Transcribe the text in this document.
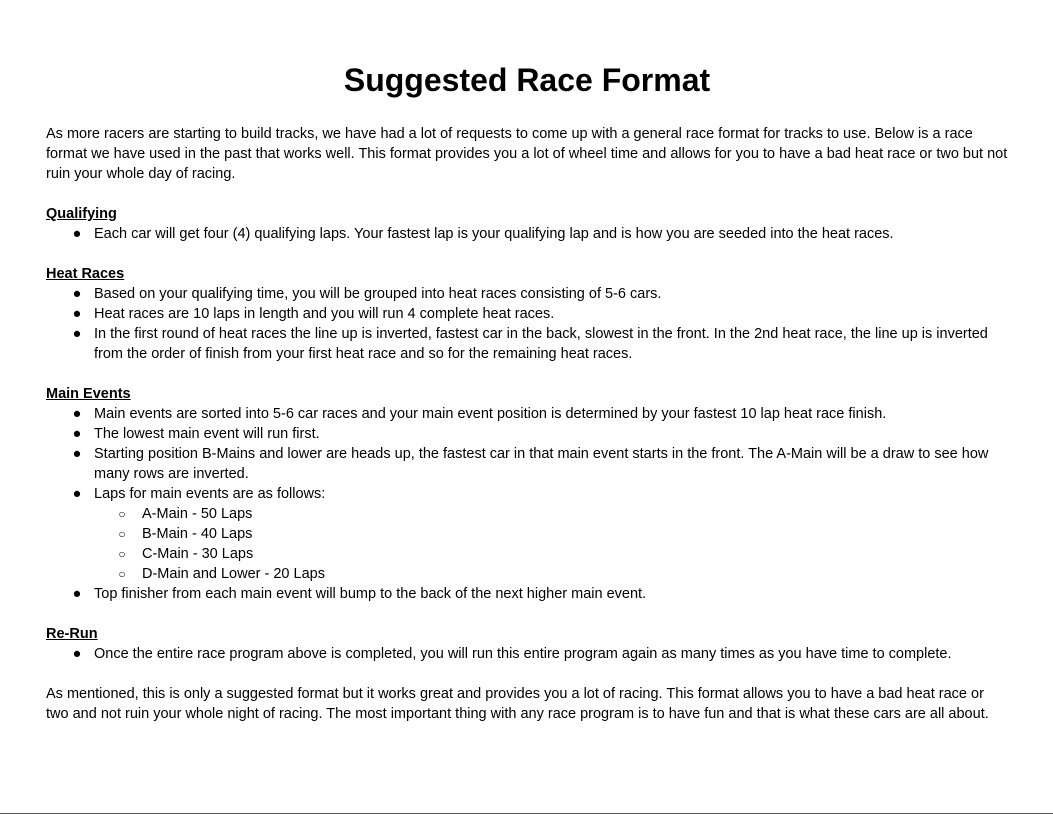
Suggested Race Format

As more racers are starting to build tracks, we have had a lot of requests to come up with a general race format for tracks to use. Below is a race format we have used in the past that works well. This format provides you a lot of wheel time and allows for you to have a bad heat race or two but not ruin your whole day of racing.

Qualifying
● Each car will get four (4) qualifying laps. Your fastest lap is your qualifying lap and is how you are seeded into the heat races.
Heat Races
● Based on your qualifying time, you will be grouped into heat races consisting of 5-6 cars.
● Heat races are 10 laps in length and you will run 4 complete heat races.
● In the first round of heat races the line up is inverted, fastest car in the back, slowest in the front. In the 2nd heat race, the line up is inverted from the order of finish from your first heat race and so for the remaining heat races.
Main Events
● Main events are sorted into 5-6 car races and your main event position is determined by your fastest 10 lap heat race finish.
● The lowest main event will run first.
● Starting position B-Mains and lower are heads up, the fastest car in that main event starts in the front. The A-Main will be a draw to see how many rows are inverted.
● Laps for main events are as follows:
○ A-Main - 50 Laps
○ B-Main - 40 Laps
○ C-Main - 30 Laps
○ D-Main and Lower - 20 Laps
● Top finisher from each main event will bump to the back of the next higher main event.
Re-Run
● Once the entire race program above is completed, you will run this entire program again as many times as you have time to complete.

As mentioned, this is only a suggested format but it works great and provides you a lot of racing. This format allows you to have a bad heat race or two and not ruin your whole night of racing. The most important thing with any race program is to have fun and that is what these cars are all about.
